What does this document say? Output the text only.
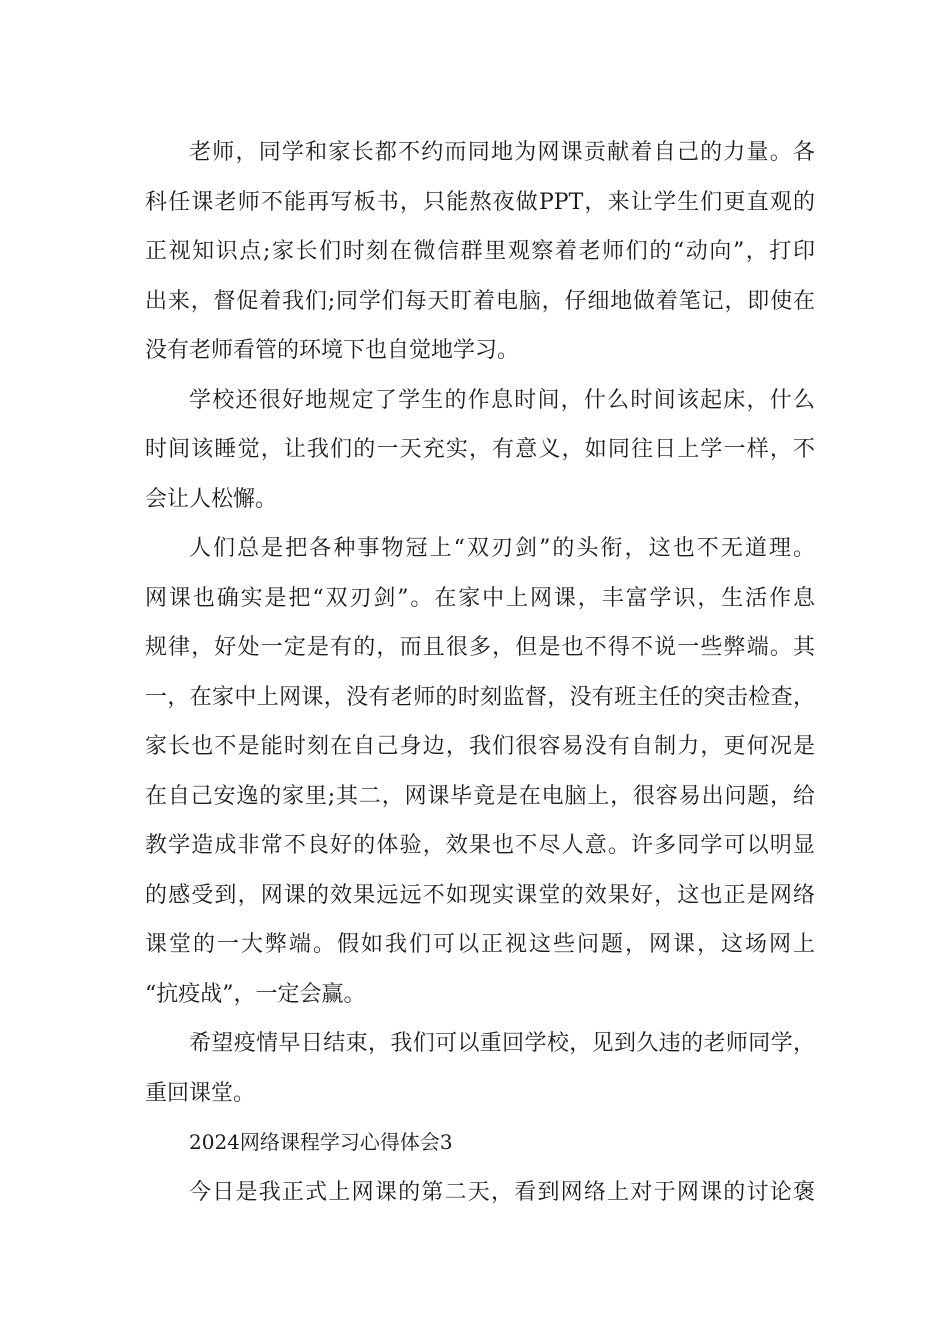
老师，同学和家长都不约而同地为网课贡献着自己的力量。各
科任课老师不能再写板书，只能熬夜做PPT，来让学生们更直观的
正视知识点;家长们时刻在微信群里观察着老师们的“动向”，打印
出来，督促着我们;同学们每天盯着电脑，仔细地做着笔记，即使在
没有老师看管的环境下也自觉地学习。
学校还很好地规定了学生的作息时间，什么时间该起床，什么
时间该睡觉，让我们的一天充实，有意义，如同往日上学一样，不
会让人松懈。
人们总是把各种事物冠上“双刃剑”的头衔，这也不无道理。
网课也确实是把“双刃剑”。在家中上网课，丰富学识，生活作息
规律，好处一定是有的，而且很多，但是也不得不说一些弊端。其
一，在家中上网课，没有老师的时刻监督，没有班主任的突击检查，
家长也不是能时刻在自己身边，我们很容易没有自制力，更何况是
在自己安逸的家里;其二，网课毕竟是在电脑上，很容易出问题，给
教学造成非常不良好的体验，效果也不尽人意。许多同学可以明显
的感受到，网课的效果远远不如现实课堂的效果好，这也正是网络
课堂的一大弊端。假如我们可以正视这些问题，网课，这场网上
“抗疫战”，一定会赢。
希望疫情早日结束，我们可以重回学校，见到久违的老师同学，
重回课堂。
2024网络课程学习心得体会3
今日是我正式上网课的第二天，看到网络上对于网课的讨论褒
